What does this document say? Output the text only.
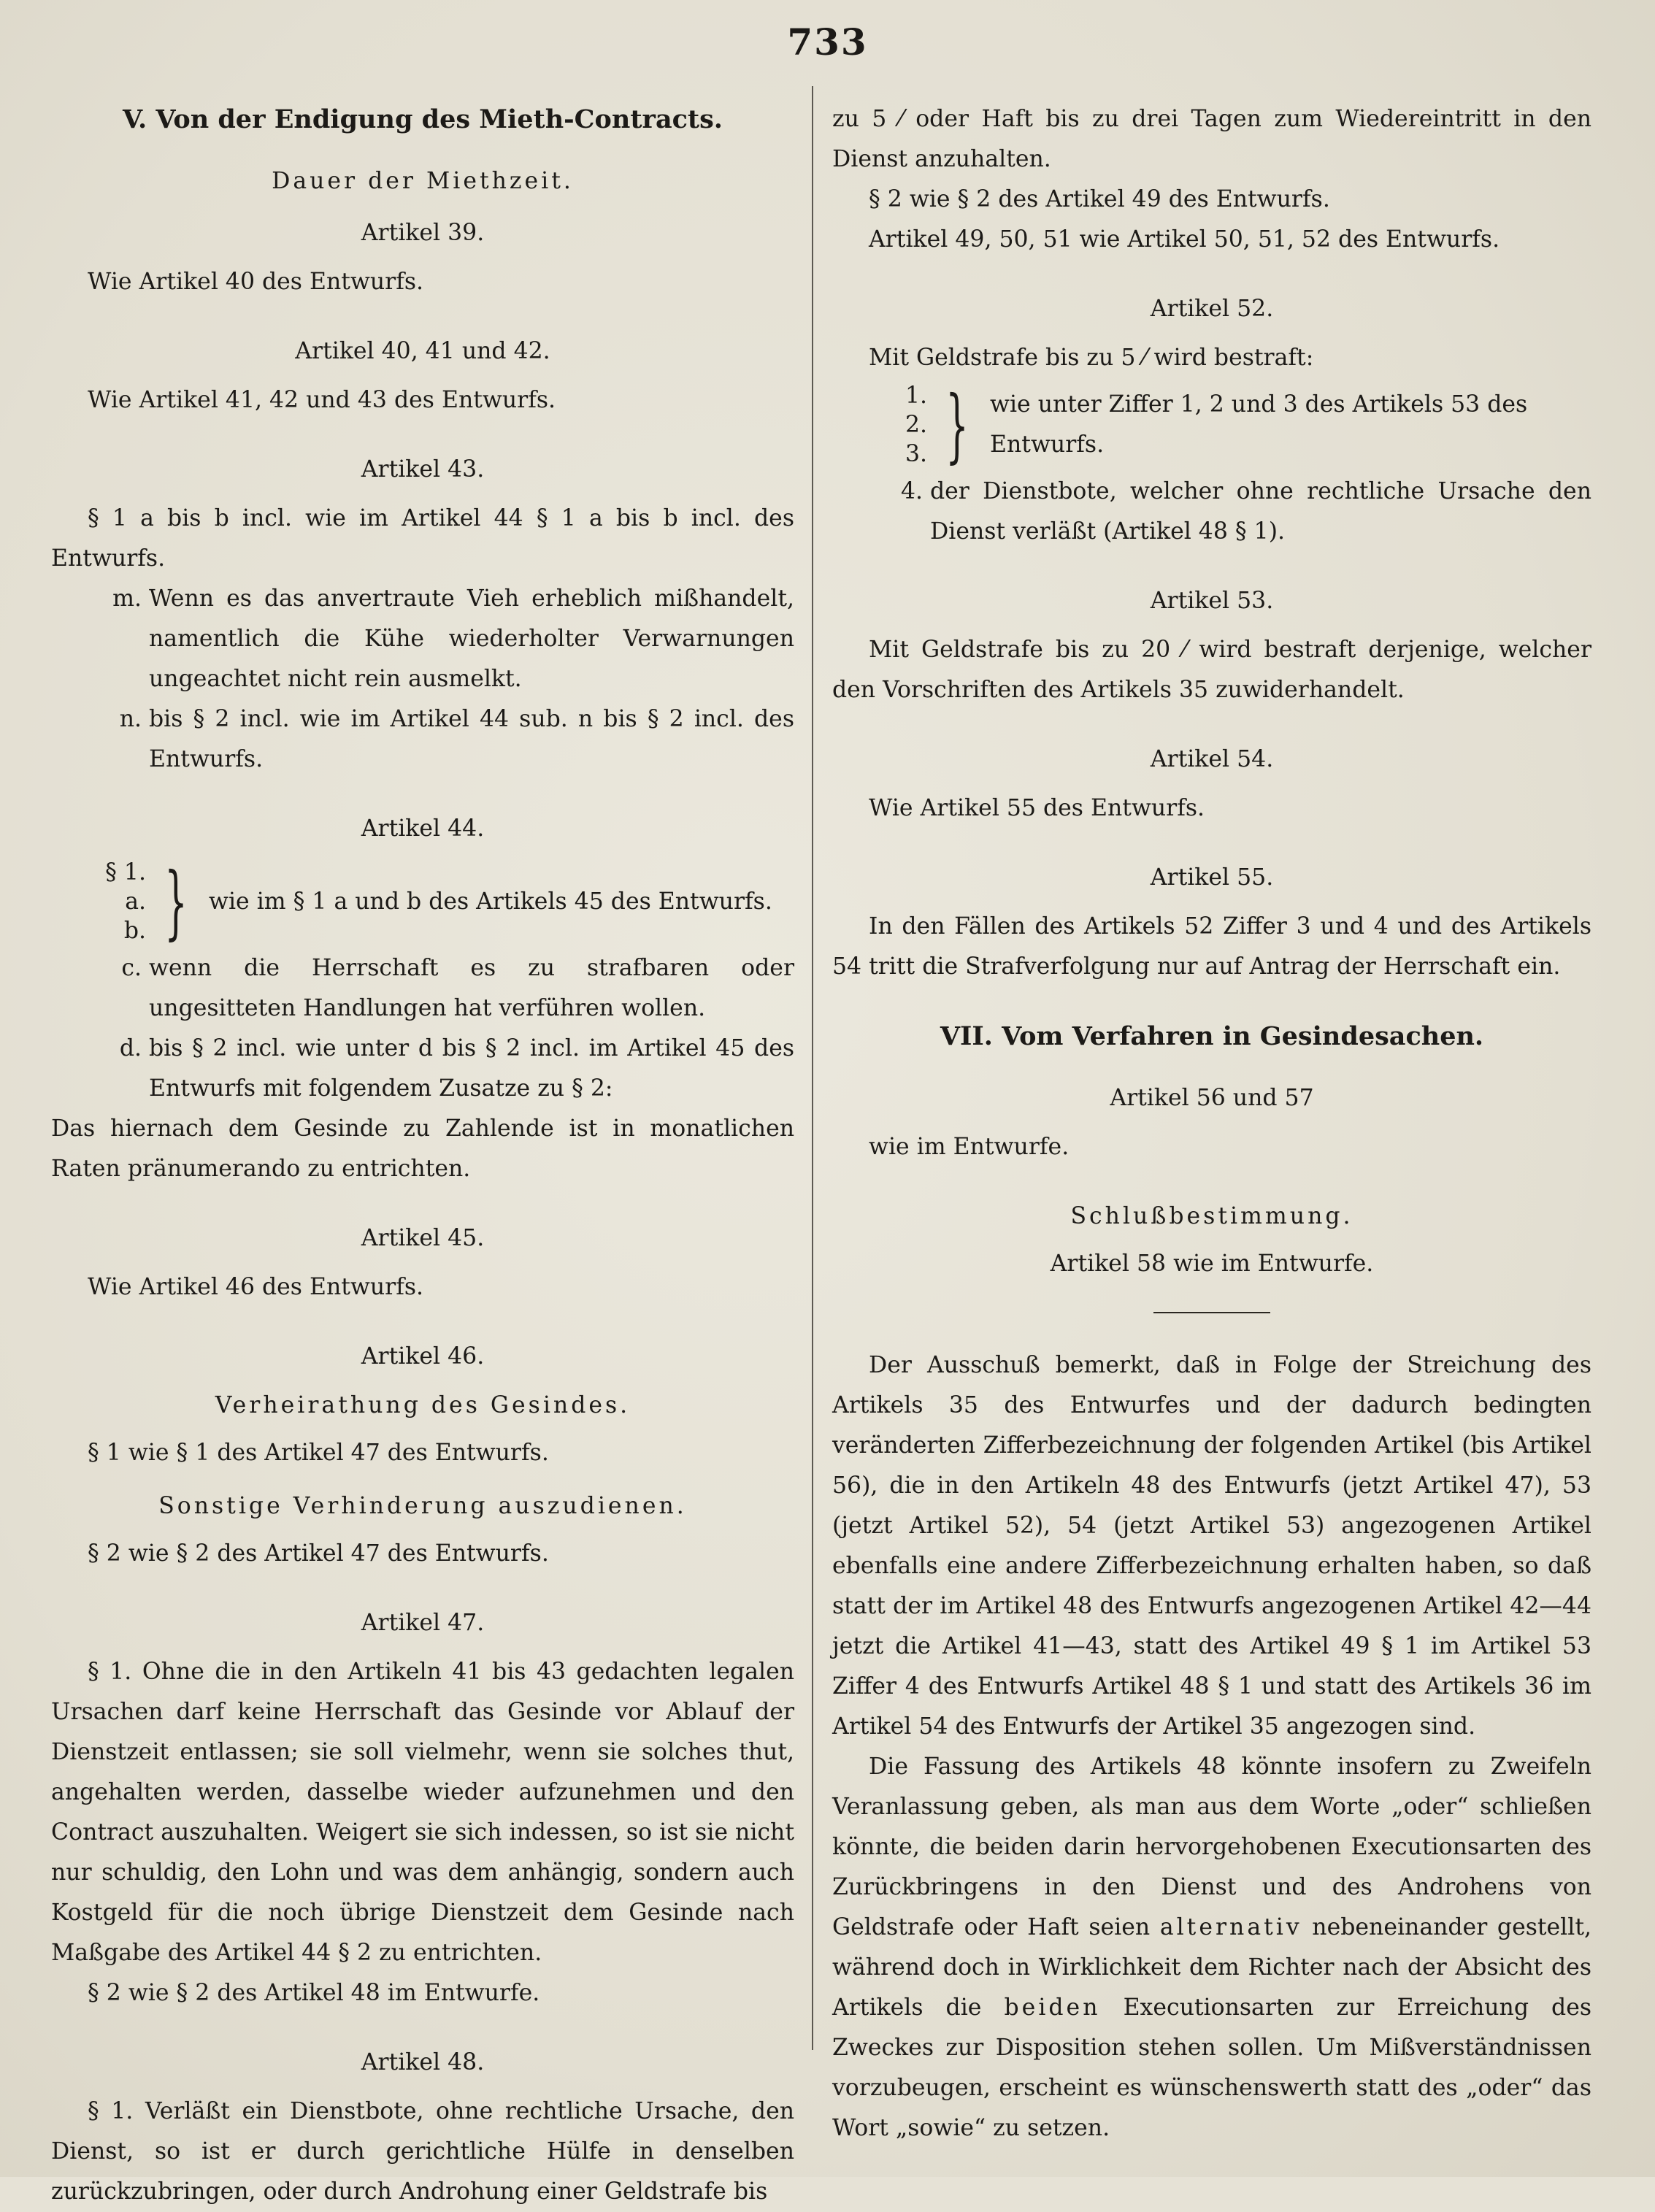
733
V. Von der Endigung des Mieth-Contracts.
Dauer der Miethzeit.
Artikel 39.

Wie Artikel 40 des Entwurfs.

Artikel 40, 41 und 42.

Wie Artikel 41, 42 und 43 des Entwurfs.

Artikel 43.

§ 1 a bis b incl. wie im Artikel 44 § 1 a bis b incl. des Entwurfs.

m. Wenn es das anvertraute Vieh erheblich mißhandelt, namentlich die Kühe wiederholter Verwarnungen ungeachtet nicht rein ausmelkt.
n. bis § 2 incl. wie im Artikel 44 sub. n bis § 2 incl. des Entwurfs.
Artikel 44.
§ 1.
a.
b. } wie im § 1 a und b des Artikels 45 des Entwurfs.
c. wenn die Herrschaft es zu strafbaren oder ungesitteten Handlungen hat verführen wollen.
d. bis § 2 incl. wie unter d bis § 2 incl. im Artikel 45 des Entwurfs mit folgendem Zusatze zu § 2:

Das hiernach dem Gesinde zu Zahlende ist in monatlichen Raten pränumerando zu entrichten.

Artikel 45.

Wie Artikel 46 des Entwurfs.

Artikel 46.
Verheirathung des Gesindes.

§ 1 wie § 1 des Artikel 47 des Entwurfs.

Sonstige Verhinderung auszudienen.

§ 2 wie § 2 des Artikel 47 des Entwurfs.

Artikel 47.

§ 1. Ohne die in den Artikeln 41 bis 43 gedachten legalen Ursachen darf keine Herrschaft das Gesinde vor Ablauf der Dienstzeit entlassen; sie soll vielmehr, wenn sie solches thut, angehalten werden, dasselbe wieder aufzunehmen und den Contract auszuhalten. Weigert sie sich indessen, so ist sie nicht nur schuldig, den Lohn und was dem anhängig, sondern auch Kostgeld für die noch übrige Dienstzeit dem Gesinde nach Maßgabe des Artikel 44 § 2 zu entrichten.

§ 2 wie § 2 des Artikel 48 im Entwurfe.

Artikel 48.

§ 1. Verläßt ein Dienstbote, ohne rechtliche Ursache, den Dienst, so ist er durch gerichtliche Hülfe in denselben zurückzubringen, oder durch Androhung einer Geldstrafe bis

zu 5 ⁄ oder Haft bis zu drei Tagen zum Wiedereintritt in den Dienst anzuhalten.

§ 2 wie § 2 des Artikel 49 des Entwurfs.

Artikel 49, 50, 51 wie Artikel 50, 51, 52 des Entwurfs.

Artikel 52.

Mit Geldstrafe bis zu 5 ⁄ wird bestraft:

1.
2.
3. } wie unter Ziffer 1, 2 und 3 des Artikels 53 des Entwurfs.
4. der Dienstbote, welcher ohne rechtliche Ursache den Dienst verläßt (Artikel 48 § 1).
Artikel 53.

Mit Geldstrafe bis zu 20 ⁄ wird bestraft derjenige, welcher den Vorschriften des Artikels 35 zuwiderhandelt.

Artikel 54.

Wie Artikel 55 des Entwurfs.

Artikel 55.

In den Fällen des Artikels 52 Ziffer 3 und 4 und des Artikels 54 tritt die Strafverfolgung nur auf Antrag der Herrschaft ein.

VII. Vom Verfahren in Gesindesachen.
Artikel 56 und 57

wie im Entwurfe.

Schlußbestimmung.
Artikel 58 wie im Entwurfe.

Der Ausschuß bemerkt, daß in Folge der Streichung des Artikels 35 des Entwurfes und der dadurch bedingten veränderten Zifferbezeichnung der folgenden Artikel (bis Artikel 56), die in den Artikeln 48 des Entwurfs (jetzt Artikel 47), 53 (jetzt Artikel 52), 54 (jetzt Artikel 53) angezogenen Artikel ebenfalls eine andere Zifferbezeichnung erhalten haben, so daß statt der im Artikel 48 des Entwurfs angezogenen Artikel 42—44 jetzt die Artikel 41—43, statt des Artikel 49 § 1 im Artikel 53 Ziffer 4 des Entwurfs Artikel 48 § 1 und statt des Artikels 36 im Artikel 54 des Entwurfs der Artikel 35 angezogen sind.

Die Fassung des Artikels 48 könnte insofern zu Zweifeln Veranlassung geben, als man aus dem Worte „oder“ schließen könnte, die beiden darin hervorgehobenen Executionsarten des Zurückbringens in den Dienst und des Androhens von Geldstrafe oder Haft seien alternativ nebeneinander gestellt, während doch in Wirklichkeit dem Richter nach der Absicht des Artikels die beiden Executionsarten zur Erreichung des Zweckes zur Disposition stehen sollen. Um Mißverständnissen vorzubeugen, erscheint es wünschenswerth statt des „oder“ das Wort „sowie“ zu setzen.
